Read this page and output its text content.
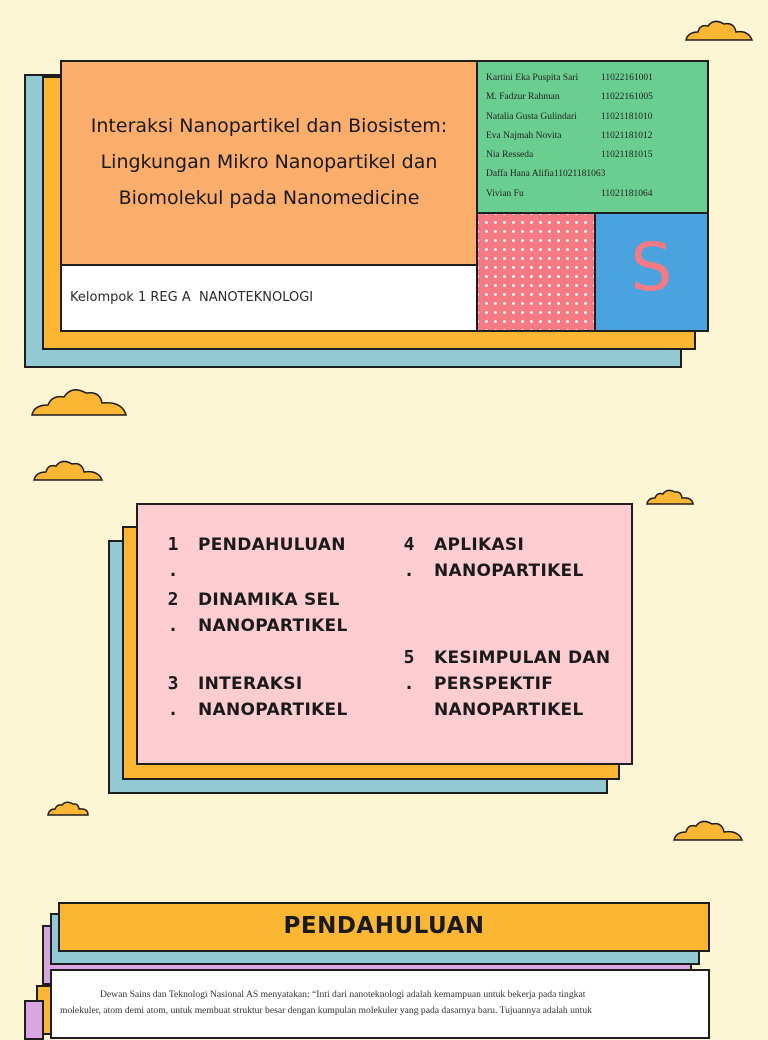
Interaksi Nanopartikel dan Biosistem:
Lingkungan Mikro Nanopartikel dan
Biomolekul pada Nanomedicine
Kelompok 1 REG A  NANOTEKNOLOGI
Kartini Eka Puspita Sari	11022161001
M. Fadzur Rahman	11022161005
Natalia Gusta Gulindari	11021181010
Eva Najmah Novita	11021181012
Nia Resseda	11021181015
Daffa Hana Alifia 11021181063
Vivian Fu	11021181064
S
1
.
PENDAHULUAN
2
.
DINAMIKA SEL
NANOPARTIKEL
3
.
INTERAKSI
NANOPARTIKEL
4
.
APLIKASI
NANOPARTIKEL
5
.
KESIMPULAN DAN
PERSPEKTIF
NANOPARTIKEL
PENDAHULUAN
Dewan Sains dan Teknologi Nasional AS menyatakan: “Inti dari nanoteknologi adalah kemampuan untuk bekerja pada tingkat
molekuler, atom demi atom, untuk membuat struktur besar dengan kumpulan molekuler yang pada dasarnya baru. Tujuannya adalah untuk
